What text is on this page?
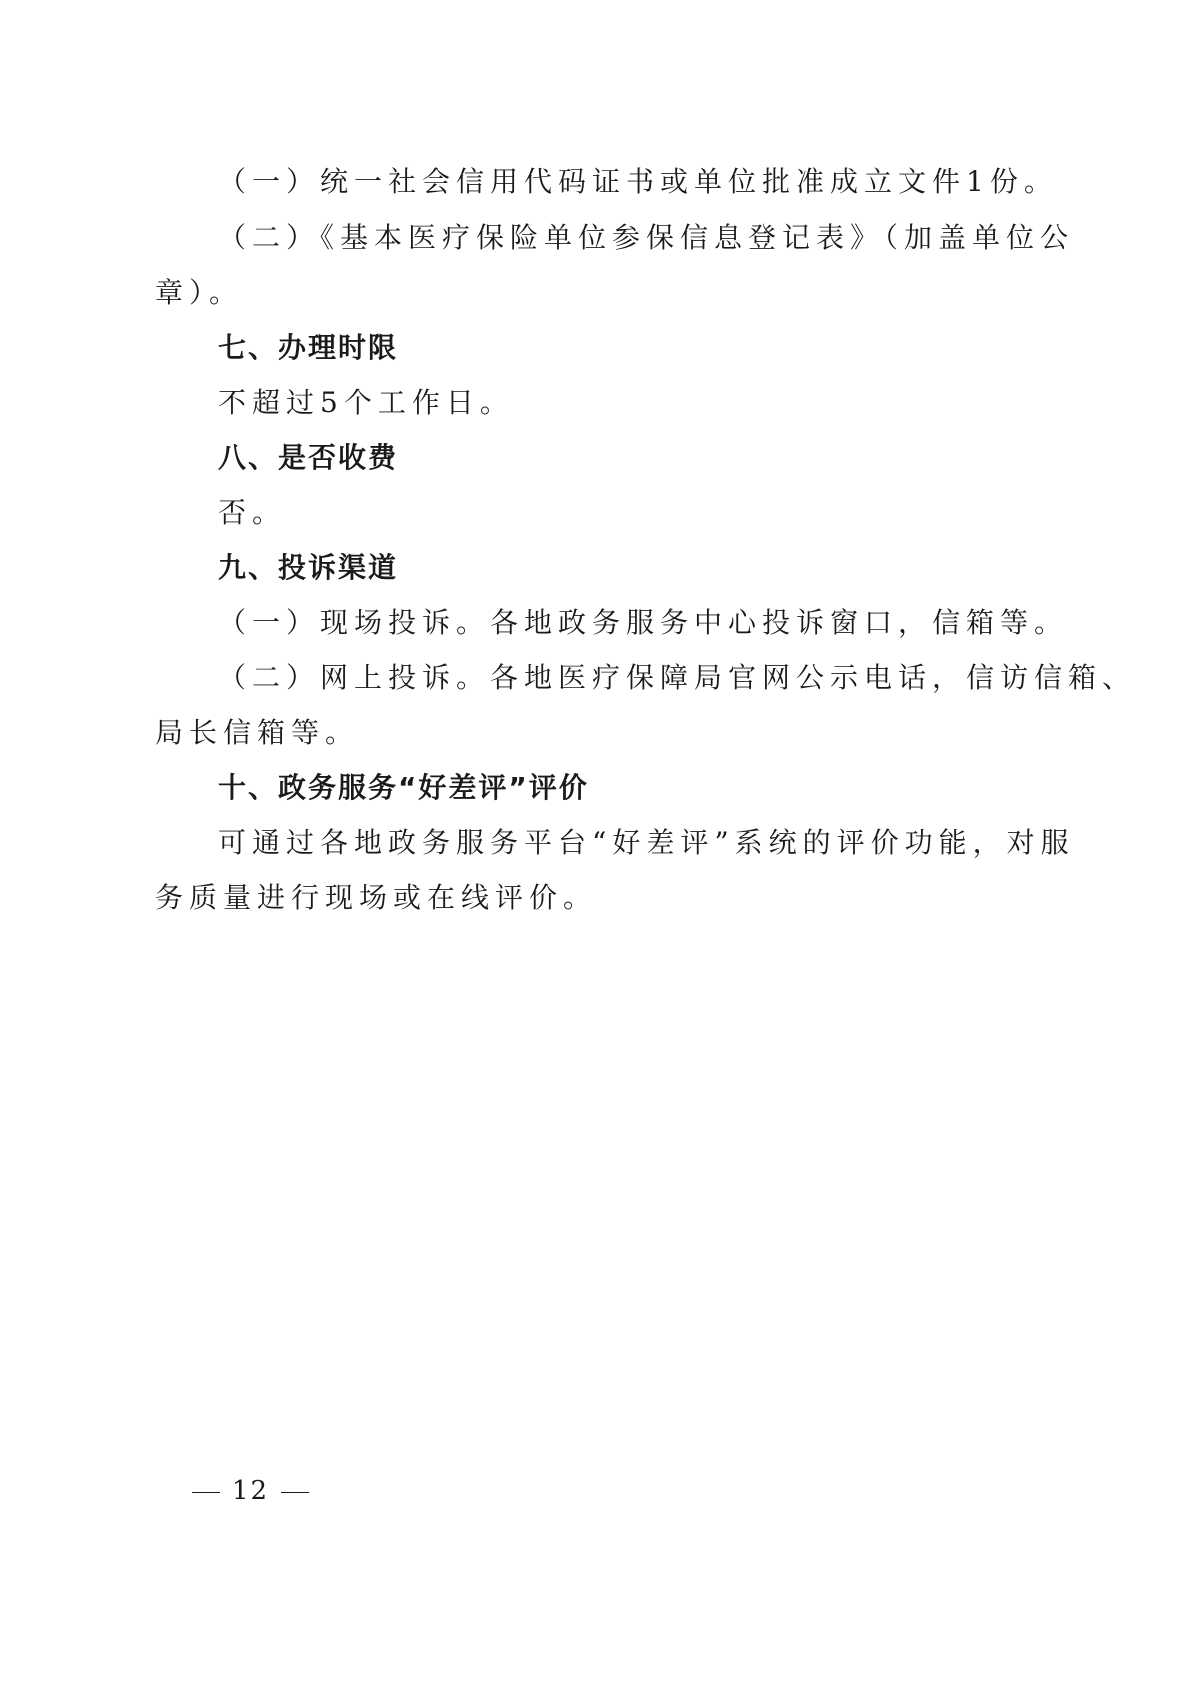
（一）统一社会信用代码证书或单位批准成立文件1份。
（二）《基本医疗保险单位参保信息登记表》（加盖单位公
章）。
七、办理时限
不超过5个工作日。
八、是否收费
否。
九、投诉渠道
（一）现场投诉。各地政务服务中心投诉窗口，信箱等。
（二）网上投诉。各地医疗保障局官网公示电话，信访信箱、
局长信箱等。
十、政务服务“好差评”评价
可通过各地政务服务平台“好差评”系统的评价功能，对服
务质量进行现场或在线评价。
12
